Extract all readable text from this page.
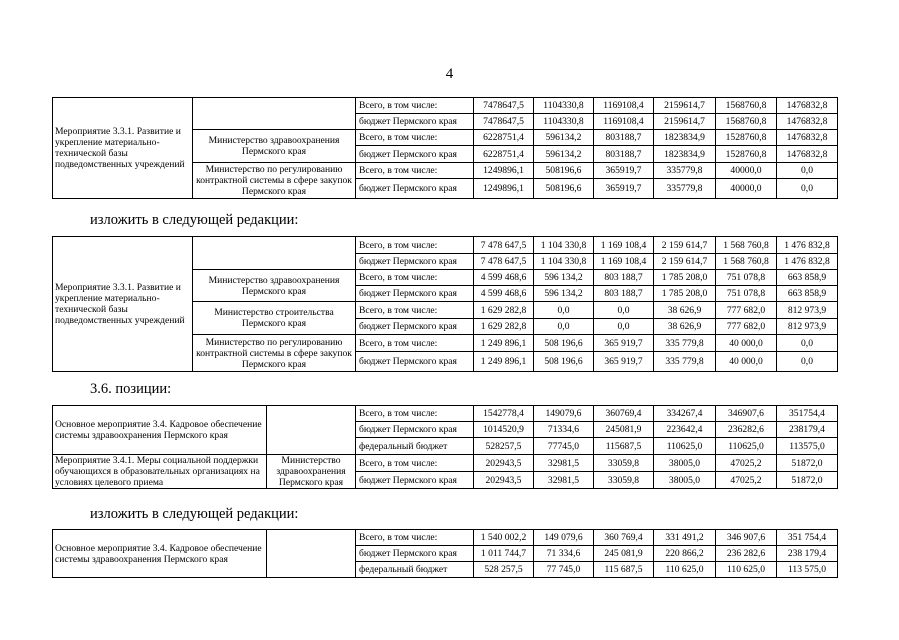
4
Мероприятие 3.3.1. Развитие и укрепление материально-технической базы подведомственных учреждений		Всего, в том числе:	7478647,5	1104330,8	1169108,4	2159614,7	1568760,8	1476832,8
		бюджет Пермского края	7478647,5	1104330,8	1169108,4	2159614,7	1568760,8	1476832,8
	Министерство здравоохранения Пермского края	Всего, в том числе:	6228751,4	596134,2	803188,7	1823834,9	1528760,8	1476832,8
		бюджет Пермского края	6228751,4	596134,2	803188,7	1823834,9	1528760,8	1476832,8
	Министерство по регулированию контрактной системы в сфере закупок Пермского края	Всего, в том числе:	1249896,1	508196,6	365919,7	335779,8	40000,0	0,0
		бюджет Пермского края	1249896,1	508196,6	365919,7	335779,8	40000,0	0,0
изложить в следующей редакции:
Мероприятие 3.3.1. Развитие и укрепление материально-технической базы подведомственных учреждений		Всего, в том числе:	7 478 647,5	1 104 330,8	1 169 108,4	2 159 614,7	1 568 760,8	1 476 832,8
		бюджет Пермского края	7 478 647,5	1 104 330,8	1 169 108,4	2 159 614,7	1 568 760,8	1 476 832,8
	Министерство здравоохранения Пермского края	Всего, в том числе:	4 599 468,6	596 134,2	803 188,7	1 785 208,0	751 078,8	663 858,9
		бюджет Пермского края	4 599 468,6	596 134,2	803 188,7	1 785 208,0	751 078,8	663 858,9
	Министерство строительства Пермского края	Всего, в том числе:	1 629 282,8	0,0	0,0	38 626,9	777 682,0	812 973,9
		бюджет Пермского края	1 629 282,8	0,0	0,0	38 626,9	777 682,0	812 973,9
	Министерство по регулированию контрактной системы в сфере закупок Пермского края	Всего, в том числе:	1 249 896,1	508 196,6	365 919,7	335 779,8	40 000,0	0,0
		бюджет Пермского края	1 249 896,1	508 196,6	365 919,7	335 779,8	40 000,0	0,0
3.6. позиции:
Основное мероприятие 3.4. Кадровое обеспечение системы здравоохранения Пермского края		Всего, в том числе:	1542778,4	149079,6	360769,4	334267,4	346907,6	351754,4
		бюджет Пермского края	1014520,9	71334,6	245081,9	223642,4	236282,6	238179,4
		федеральный бюджет	528257,5	77745,0	115687,5	110625,0	110625,0	113575,0
Мероприятие 3.4.1. Меры социальной поддержки обучающихся в образовательных организациях на условиях целевого приема	Министерство здравоохранения Пермского края	Всего, в том числе:	202943,5	32981,5	33059,8	38005,0	47025,2	51872,0
		бюджет Пермского края	202943,5	32981,5	33059,8	38005,0	47025,2	51872,0
изложить в следующей редакции:
Основное мероприятие 3.4. Кадровое обеспечение системы здравоохранения Пермского края		Всего, в том числе:	1 540 002,2	149 079,6	360 769,4	331 491,2	346 907,6	351 754,4
		бюджет Пермского края	1 011 744,7	71 334,6	245 081,9	220 866,2	236 282,6	238 179,4
		федеральный бюджет	528 257,5	77 745,0	115 687,5	110 625,0	110 625,0	113 575,0
